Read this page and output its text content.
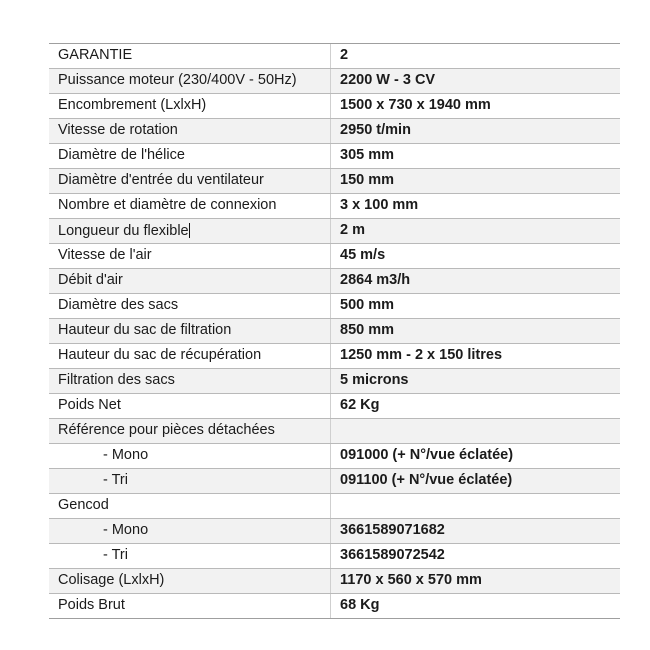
GARANTIE	2
Puissance moteur (230/400V - 50Hz)	2200 W - 3 CV
Encombrement (LxlxH)	1500 x 730 x 1940 mm
Vitesse de rotation	2950 t/min
Diamètre de l'hélice	305 mm
Diamètre d'entrée du ventilateur	150 mm
Nombre et diamètre de connexion	3 x 100 mm
Longueur du flexible	2 m
Vitesse de l'air	45 m/s
Débit d'air	2864 m3/h
Diamètre des sacs	500 mm
Hauteur du sac de filtration	850 mm
Hauteur du sac de récupération	1250 mm - 2 x 150 litres
Filtration des sacs	5 microns
Poids Net	62 Kg
Référence pour pièces détachées	
- Mono	091000 (+ N°/vue éclatée)
- Tri	091100 (+ N°/vue éclatée)
Gencod	
- Mono	3661589071682
- Tri	3661589072542
Colisage (LxlxH)	1170 x 560 x 570 mm
Poids Brut	68 Kg
